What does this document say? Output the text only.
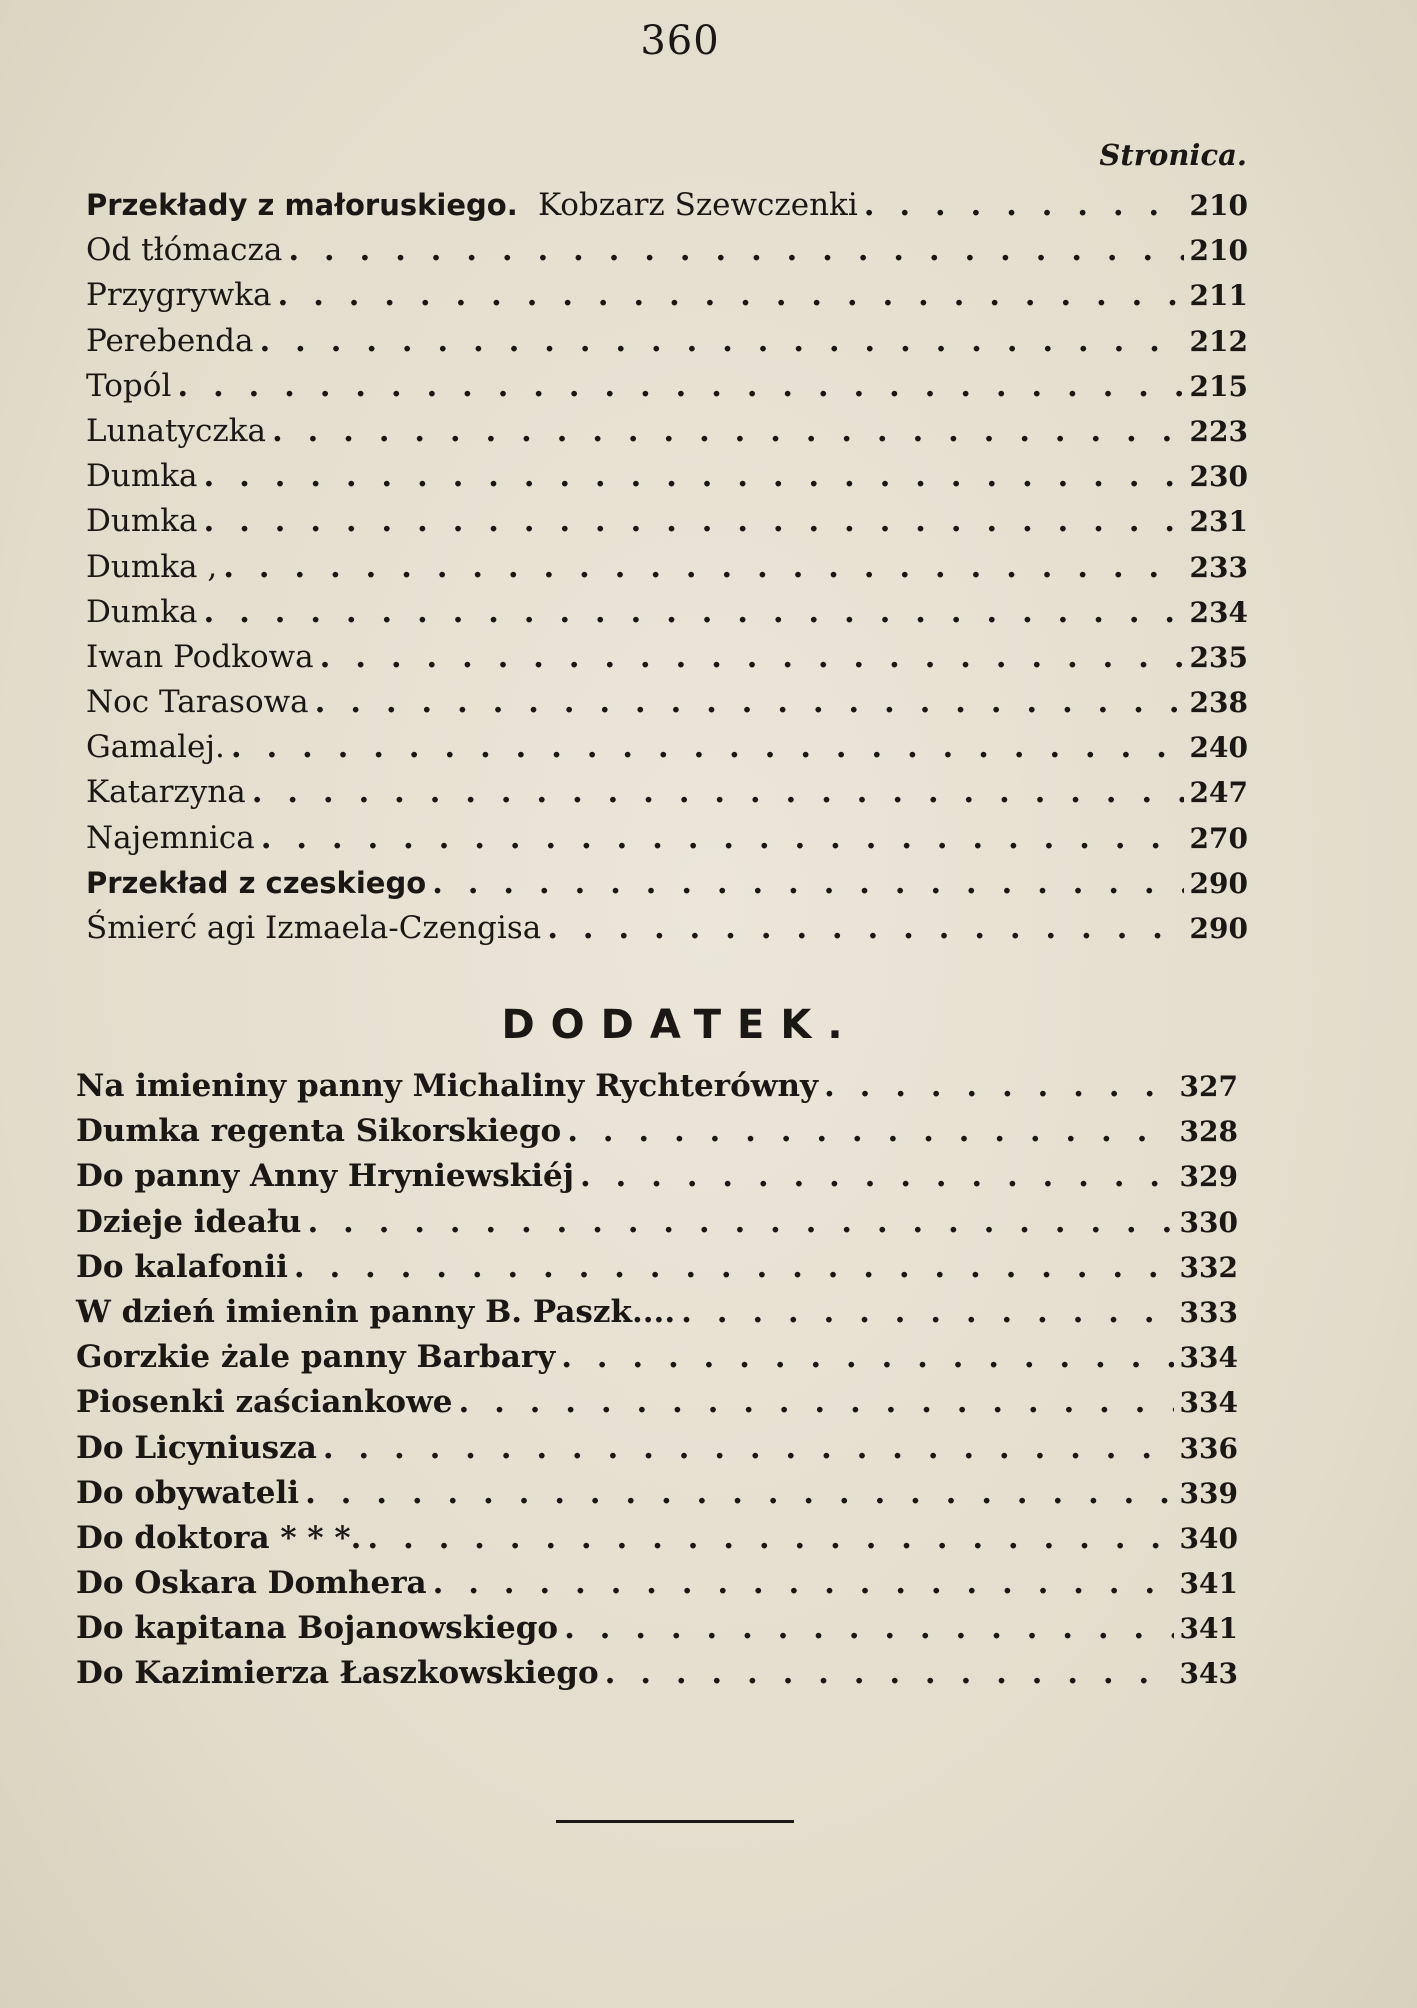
360
Stronica.
Przekłady z małoruskiego. Kobzarz Szewczenki . . .	210
Od tłómacza . . .	210
Przygrywka . . .	211
Perebenda . . .	212
Topól . . .	215
Lunatyczka . . .	223
Dumka . . .	230
Dumka . . .	231
Dumka , . . .	233
Dumka . . .	234
Iwan Podkowa . . .	235
Noc Tarasowa . . .	238
Gamalej. . . .	240
Katarzyna . . .	247
Najemnica . . .	270
Przekład z czeskiego . . .	290
Śmierć agi Izmaela-Czengisa . . .	290
DODATEK.
Na imieniny panny Michaliny Rychterówny . . .	327
Dumka regenta Sikorskiego . . .	328
Do panny Anny Hryniewskiéj . . .	329
Dzieje ideału . . .	330
Do kalafonii . . .	332
W dzień imienin panny B. Paszk.... . . .	333
Gorzkie żale panny Barbary . . .	334
Piosenki zaściankowe . . .	334
Do Licyniusza . . .	336
Do obywateli . . .	339
Do doktora * * *. . . .	340
Do Oskara Domhera . . .	341
Do kapitana Bojanowskiego . . .	341
Do Kazimierza Łaszkowskiego . . .	343
